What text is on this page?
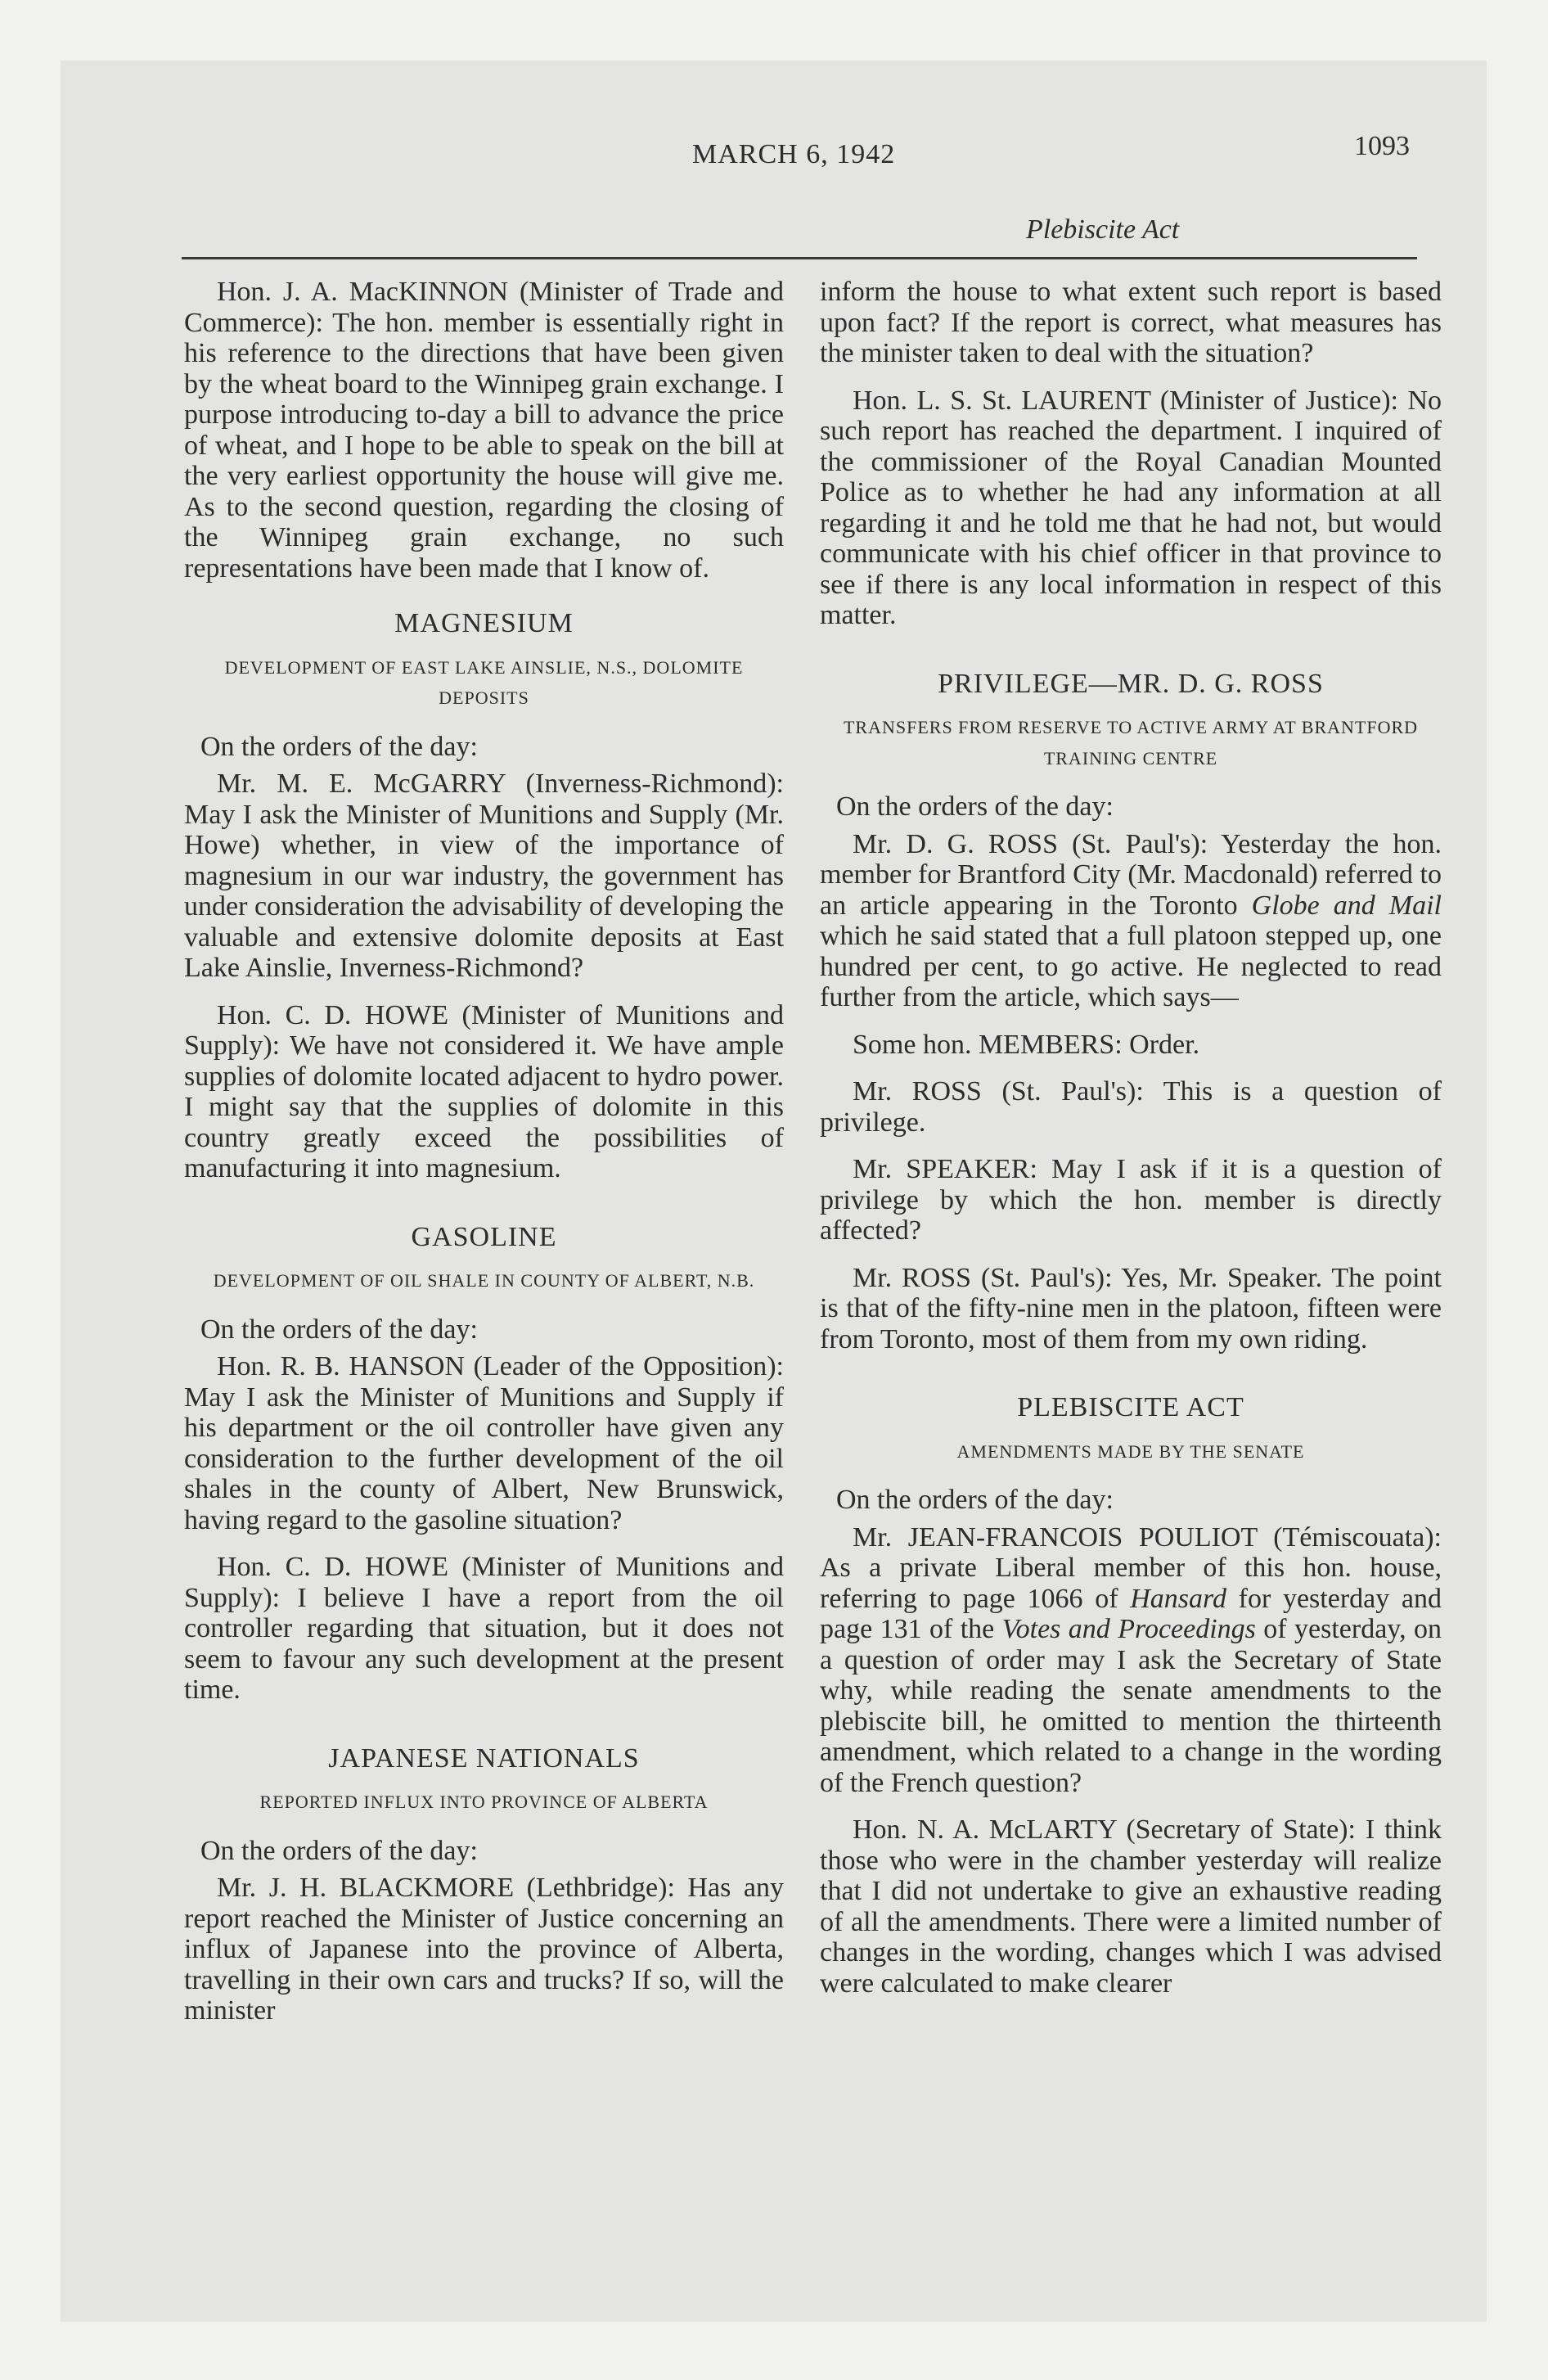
MARCH 6, 1942	1093
Plebiscite Act

Hon. J. A. MacKINNON (Minister of Trade and Commerce): The hon. member is essentially right in his reference to the directions that have been given by the wheat board to the Winnipeg grain exchange. I purpose introducing to-day a bill to advance the price of wheat, and I hope to be able to speak on the bill at the very earliest opportunity the house will give me. As to the second question, regarding the closing of the Winnipeg grain exchange, no such representations have been made that I know of.

MAGNESIUM
DEVELOPMENT OF EAST LAKE AINSLIE, N.S., DOLOMITE DEPOSITS

On the orders of the day:

Mr. M. E. McGARRY (Inverness-Richmond): May I ask the Minister of Munitions and Supply (Mr. Howe) whether, in view of the importance of magnesium in our war industry, the government has under consideration the advisability of developing the valuable and extensive dolomite deposits at East Lake Ainslie, Inverness-Richmond?

Hon. C. D. HOWE (Minister of Munitions and Supply): We have not considered it. We have ample supplies of dolomite located adjacent to hydro power. I might say that the supplies of dolomite in this country greatly exceed the possibilities of manufacturing it into magnesium.

GASOLINE
DEVELOPMENT OF OIL SHALE IN COUNTY OF ALBERT, N.B.

On the orders of the day:

Hon. R. B. HANSON (Leader of the Opposition): May I ask the Minister of Munitions and Supply if his department or the oil controller have given any consideration to the further development of the oil shales in the county of Albert, New Brunswick, having regard to the gasoline situation?

Hon. C. D. HOWE (Minister of Munitions and Supply): I believe I have a report from the oil controller regarding that situation, but it does not seem to favour any such development at the present time.

JAPANESE NATIONALS
REPORTED INFLUX INTO PROVINCE OF ALBERTA

On the orders of the day:

Mr. J. H. BLACKMORE (Lethbridge): Has any report reached the Minister of Justice concerning an influx of Japanese into the province of Alberta, travelling in their own cars and trucks? If so, will the minister

inform the house to what extent such report is based upon fact? If the report is correct, what measures has the minister taken to deal with the situation?

Hon. L. S. St. LAURENT (Minister of Justice): No such report has reached the department. I inquired of the commissioner of the Royal Canadian Mounted Police as to whether he had any information at all regarding it and he told me that he had not, but would communicate with his chief officer in that province to see if there is any local information in respect of this matter.

PRIVILEGE—MR. D. G. ROSS
TRANSFERS FROM RESERVE TO ACTIVE ARMY AT BRANTFORD TRAINING CENTRE

On the orders of the day:

Mr. D. G. ROSS (St. Paul's): Yesterday the hon. member for Brantford City (Mr. Macdonald) referred to an article appearing in the Toronto Globe and Mail which he said stated that a full platoon stepped up, one hundred per cent, to go active. He neglected to read further from the article, which says—

Some hon. MEMBERS: Order.

Mr. ROSS (St. Paul's): This is a question of privilege.

Mr. SPEAKER: May I ask if it is a question of privilege by which the hon. member is directly affected?

Mr. ROSS (St. Paul's): Yes, Mr. Speaker. The point is that of the fifty-nine men in the platoon, fifteen were from Toronto, most of them from my own riding.

PLEBISCITE ACT
AMENDMENTS MADE BY THE SENATE

On the orders of the day:

Mr. JEAN-FRANCOIS POULIOT (Témiscouata): As a private Liberal member of this hon. house, referring to page 1066 of Hansard for yesterday and page 131 of the Votes and Proceedings of yesterday, on a question of order may I ask the Secretary of State why, while reading the senate amendments to the plebiscite bill, he omitted to mention the thirteenth amendment, which related to a change in the wording of the French question?

Hon. N. A. McLARTY (Secretary of State): I think those who were in the chamber yesterday will realize that I did not undertake to give an exhaustive reading of all the amendments. There were a limited number of changes in the wording, changes which I was advised were calculated to make clearer
